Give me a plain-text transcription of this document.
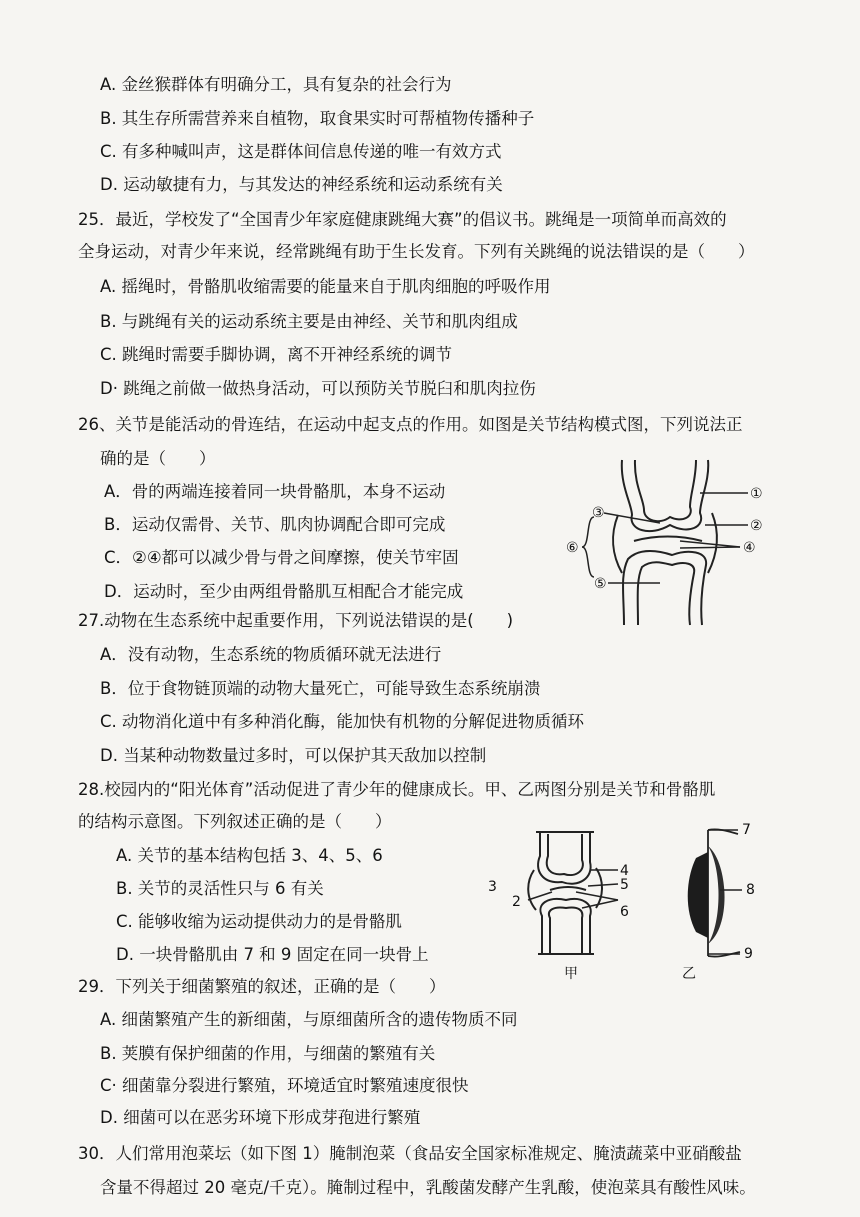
A. 金丝猴群体有明确分工，具有复杂的社会行为
B. 其生存所需营养来自植物，取食果实时可帮植物传播种子
C. 有多种喊叫声，这是群体间信息传递的唯一有效方式
D. 运动敏捷有力，与其发达的神经系统和运动系统有关
25．最近，学校发了“全国青少年家庭健康跳绳大赛”的倡议书。跳绳是一项简单而高效的
全身运动，对青少年来说，经常跳绳有助于生长发育。下列有关跳绳的说法错误的是（　　）
A. 摇绳时，骨骼肌收缩需要的能量来自于肌肉细胞的呼吸作用
B. 与跳绳有关的运动系统主要是由神经、关节和肌肉组成
C. 跳绳时需要手脚协调，离不开神经系统的调节
D· 跳绳之前做一做热身活动，可以预防关节脱臼和肌肉拉伤
26、关节是能活动的骨连结，在运动中起支点的作用。如图是关节结构模式图，下列说法正
确的是（　　）
A．骨的两端连接着同一块骨骼肌，本身不运动
B．运动仅需骨、关节、肌肉协调配合即可完成
C．②④都可以减少骨与骨之间摩擦，使关节牢固
D．运动时，至少由两组骨骼肌互相配合才能完成
①
②
③
④
⑤
⑥
27.动物在生态系统中起重要作用，下列说法错误的是(　　)
A．没有动物，生态系统的物质循环就无法进行
B．位于食物链顶端的动物大量死亡，可能导致生态系统崩溃
C. 动物消化道中有多种消化酶，能加快有机物的分解促进物质循环
D. 当某种动物数量过多时，可以保护其天敌加以控制
28.校园内的“阳光体育”活动促进了青少年的健康成长。甲、乙两图分别是关节和骨骼肌
的结构示意图。下列叙述正确的是（　　）
A. 关节的基本结构包括 3、4、5、6
B. 关节的灵活性只与 6 有关
C. 能够收缩为运动提供动力的是骨骼肌
D. 一块骨骼肌由 7 和 9 固定在同一块骨上
3
2
4
5
6
甲
7
8
9
乙
29．下列关于细菌繁殖的叙述，正确的是（　　）
A. 细菌繁殖产生的新细菌，与原细菌所含的遗传物质不同
B. 荚膜有保护细菌的作用，与细菌的繁殖有关
C· 细菌靠分裂进行繁殖，环境适宜时繁殖速度很快
D. 细菌可以在恶劣环境下形成芽孢进行繁殖
30．人们常用泡菜坛（如下图 1）腌制泡菜（食品安全国家标准规定、腌渍蔬菜中亚硝酸盐
含量不得超过 20 毫克/千克）。腌制过程中，乳酸菌发酵产生乳酸，使泡菜具有酸性风味。
